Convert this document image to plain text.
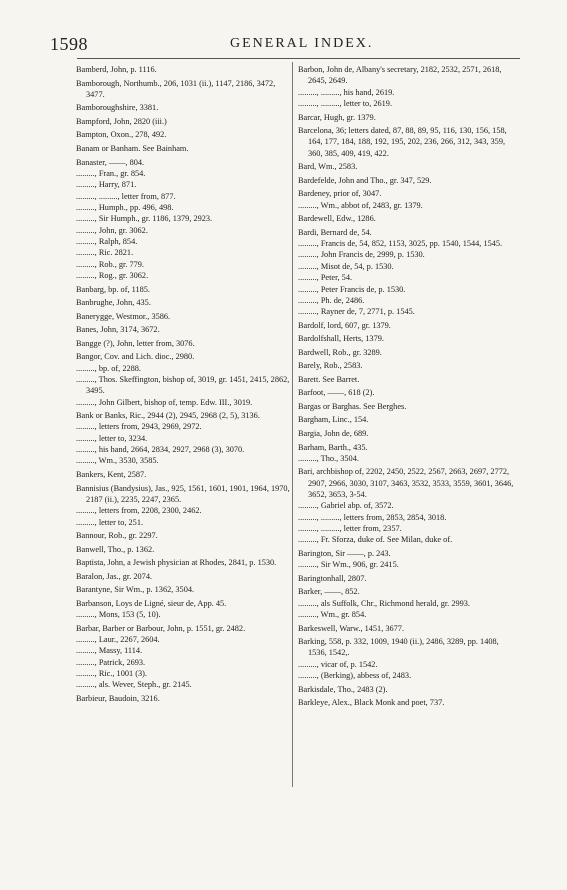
1598	GENERAL INDEX.
Bamberd, John, p. 1116.
Bamborough, Northumb., 206, 1031 (ii.), 1147, 2186, 3472, 3477.
Bamboroughshire, 3381.
Bampford, John, 2820 (iii.)
Bampton, Oxon., 278, 492.
Banam or Banham. See Bainham.
Banaster, ——, 804.
........., Fran., gr. 854.
........., Harry, 871.
........., ........., letter from, 877.
........., Humph., pp. 496, 498.
........., Sir Humph., gr. 1186, 1379, 2923.
........., John, gr. 3062.
........., Ralph, 854.
........., Ric. 2821.
........., Rob., gr. 779.
........., Rog., gr. 3062.
Banbarg, bp. of, 1185.
Banbrughe, John, 435.
Banerygge, Westmor., 3586.
Banes, John, 3174, 3672.
Bangge (?), John, letter from, 3076.
Bangor, Cov. and Lich. dioc., 2980.
........., bp. of, 2288.
........., Thos. Skeffington, bishop of, 3019, gr. 1451, 2415, 2862, 3495.
........., John Gilbert, bishop of, temp. Edw. III., 3019.
Bank or Banks, Ric., 2944 (2), 2945, 2968 (2, 5), 3136.
........., letters from, 2943, 2969, 2972.
........., letter to, 3234.
........., his hand, 2664, 2834, 2927, 2968 (3), 3070.
........., Wm., 3530, 3585.
Bankers, Kent, 2587.
Bannisius (Bandysius), Jas., 925, 1561, 1601, 1901, 1964, 1970, 2187 (ii.), 2235, 2247, 2365.
........., letters from, 2208, 2300, 2462.
........., letter to, 251.
Bannour, Rob., gr. 2297.
Banwell, Tho., p. 1362.
Baptista, John, a Jewish physician at Rhodes, 2841, p. 1530.
Baralon, Jas., gr. 2074.
Barantyne, Sir Wm., p. 1362, 3504.
Barbanson, Loys de Ligné, sieur de, App. 45.
........., Mons, 153 (5, 10).
Barbar, Barber or Barbour, John, p. 1551, gr. 2482.
........., Laur., 2267, 2604.
........., Massy, 1114.
........., Patrick, 2693.
........., Ric., 1001 (3).
........., als. Wever, Steph., gr. 2145.
Barbieur, Baudoin, 3216.
Barbon, John de, Albany's secretary, 2182, 2532, 2571, 2618, 2645, 2649.
........., ........., his hand, 2619.
........., ........., letter to, 2619.
Barcar, Hugh, gr. 1379.
Barcelona, 36; letters dated, 87, 88, 89, 95, 116, 130, 156, 158, 164, 177, 184, 188, 192, 195, 202, 236, 266, 312, 343, 359, 360, 385, 409, 419, 422.
Bard, Wm., 2583.
Bardefelde, John and Tho., gr. 347, 529.
Bardeney, prior of, 3047.
........., Wm., abbot of, 2483, gr. 1379.
Bardewell, Edw., 1286.
Bardi, Bernard de, 54.
........., Francis de, 54, 852, 1153, 3025, pp. 1540, 1544, 1545.
........., John Francis de, 2999, p. 1530.
........., Misot de, 54, p. 1530.
........., Peter, 54.
........., Peter Francis de, p. 1530.
........., Ph. de, 2486.
........., Rayner de, 7, 2771, p. 1545.
Bardolf, lord, 607, gr. 1379.
Bardolfshall, Herts, 1379.
Bardwell, Rob., gr. 3289.
Barely, Rob., 2583.
Barett. See Barret.
Barfoot, ——, 618 (2).
Bargas or Barghas. See Berghes.
Bargham, Linc., 154.
Bargia, John de, 689.
Barham, Barth., 435.
........., Tho., 3504.
Bari, archbishop of, 2202, 2450, 2522, 2567, 2663, 2697, 2772, 2907, 2966, 3030, 3107, 3463, 3532, 3533, 3559, 3601, 3646, 3652, 3653, 3-54.
........., Gabriel abp. of, 3572.
........., ........., letters from, 2853, 2854, 3018.
........., ........., letter from, 2357.
........., Fr. Sforza, duke of. See Milan, duke of.
Barington, Sir ——, p. 243.
........., Sir Wm., 906, gr. 2415.
Baringtonhall, 2807.
Barker, ——, 852.
........., als Suffolk, Chr., Richmond herald, gr. 2993.
........., Wm., gr. 854.
Barkeswell, Warw., 1451, 3677.
Barking, 558, p. 332, 1009, 1940 (ii.), 2486, 3289, pp. 1408, 1536, 1542,.
........., vicar of, p. 1542.
........., (Berking), abbess of, 2483.
Barkisdale, Tho., 2483 (2).
Barkleye, Alex., Black Monk and poet, 737.
